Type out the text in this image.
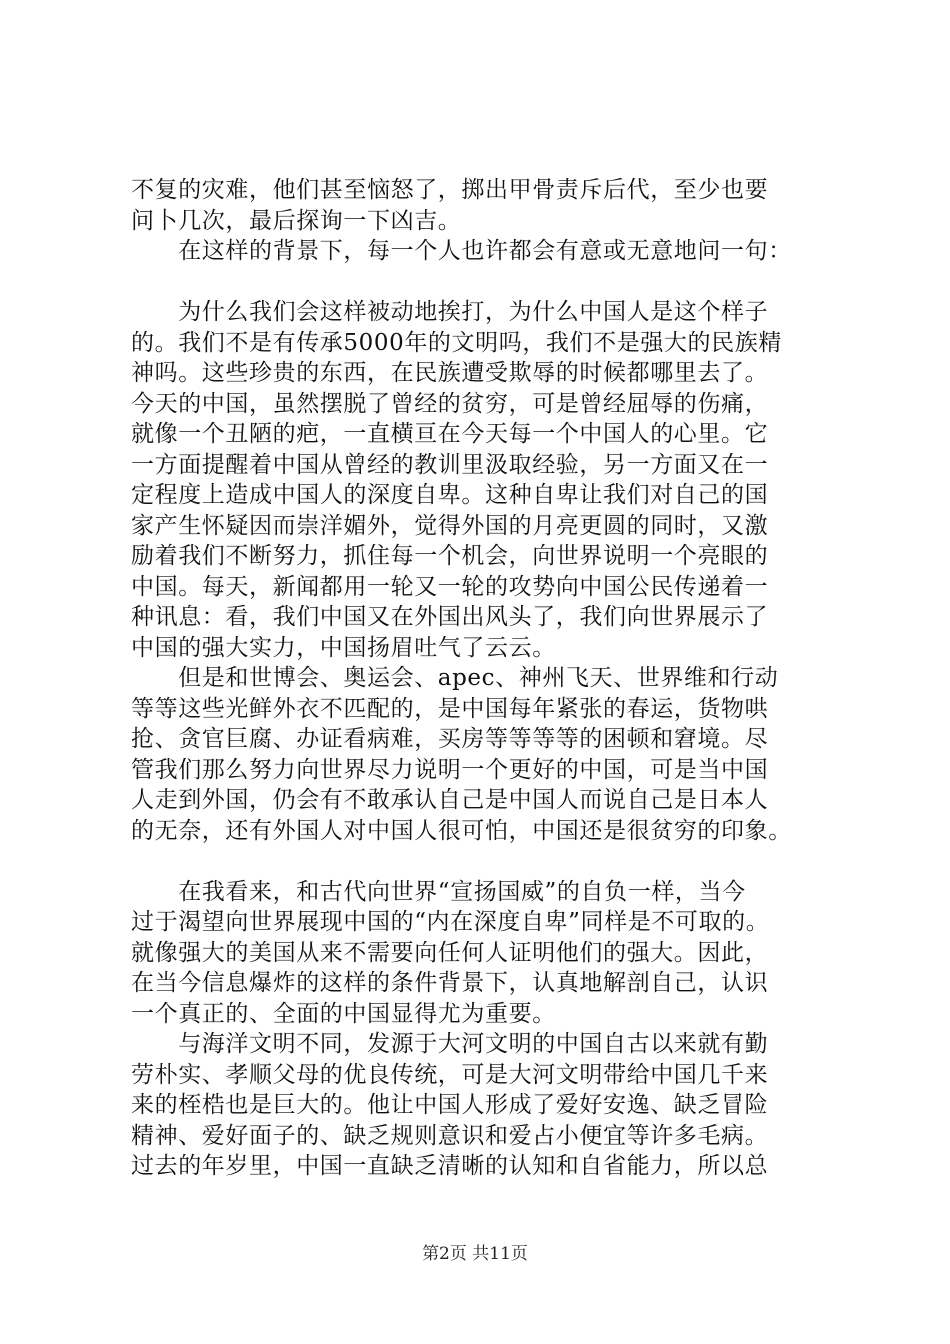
不复的灾难，他们甚至恼怒了，掷出甲骨责斥后代，至少也要
问卜几次，最后探询一下凶吉。
　　在这样的背景下，每一个人也许都会有意或无意地问一句：
　　为什么我们会这样被动地挨打，为什么中国人是这个样子
的。我们不是有传承5000年的文明吗，我们不是强大的民族精
神吗。这些珍贵的东西，在民族遭受欺辱的时候都哪里去了。
今天的中国，虽然摆脱了曾经的贫穷，可是曾经屈辱的伤痛，
就像一个丑陋的疤，一直横亘在今天每一个中国人的心里。它
一方面提醒着中国从曾经的教训里汲取经验，另一方面又在一
定程度上造成中国人的深度自卑。这种自卑让我们对自己的国
家产生怀疑因而崇洋媚外，觉得外国的月亮更圆的同时，又激
励着我们不断努力，抓住每一个机会，向世界说明一个亮眼的
中国。每天，新闻都用一轮又一轮的攻势向中国公民传递着一
种讯息：看，我们中国又在外国出风头了，我们向世界展示了
中国的强大实力，中国扬眉吐气了云云。
　　但是和世博会、奥运会、apec、神州飞天、世界维和行动
等等这些光鲜外衣不匹配的，是中国每年紧张的春运，货物哄
抢、贪官巨腐、办证看病难，买房等等等等的困顿和窘境。尽
管我们那么努力向世界尽力说明一个更好的中国，可是当中国
人走到外国，仍会有不敢承认自己是中国人而说自己是日本人
的无奈，还有外国人对中国人很可怕，中国还是很贫穷的印象。
　　在我看来，和古代向世界“宣扬国威”的自负一样，当今
过于渴望向世界展现中国的“内在深度自卑”同样是不可取的。
就像强大的美国从来不需要向任何人证明他们的强大。因此，
在当今信息爆炸的这样的条件背景下，认真地解剖自己，认识
一个真正的、全面的中国显得尤为重要。
　　与海洋文明不同，发源于大河文明的中国自古以来就有勤
劳朴实、孝顺父母的优良传统，可是大河文明带给中国几千来
来的桎梏也是巨大的。他让中国人形成了爱好安逸、缺乏冒险
精神、爱好面子的、缺乏规则意识和爱占小便宜等许多毛病。
过去的年岁里，中国一直缺乏清晰的认知和自省能力，所以总
第2页 共11页
